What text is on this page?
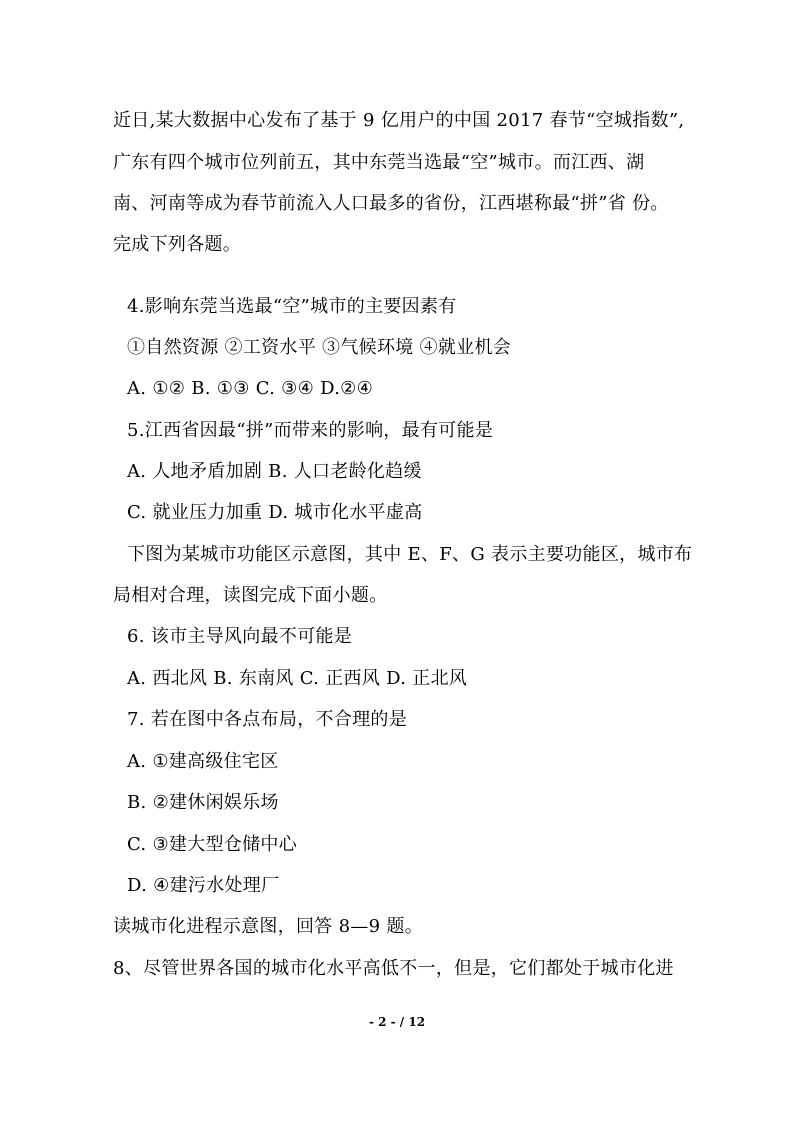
近日,某大数据中心发布了基于 9 亿用户的中国 2017 春节“空城指数”,
广东有四个城市位列前五，其中东莞当选最“空”城市。而江西、湖
南、河南等成为春节前流入人口最多的省份，江西堪称最“拼”省 份。
完成下列各题。
4.影响东莞当选最“空”城市的主要因素有
①自然资源 ②工资水平 ③气候环境 ④就业机会
A. ①② B. ①③ C. ③④ D.②④
5.江西省因最“拼”而带来的影响，最有可能是
A. 人地矛盾加剧 B. 人口老龄化趋缓
C. 就业压力加重 D. 城市化水平虚高
下图为某城市功能区示意图，其中 E、F、G 表示主要功能区，城市布
局相对合理，读图完成下面小题。
6. 该市主导风向最不可能是
A. 西北风 B. 东南风 C. 正西风 D. 正北风
7. 若在图中各点布局，不合理的是
A. ①建高级住宅区
B. ②建休闲娱乐场
C. ③建大型仓储中心
D. ④建污水处理厂
读城市化进程示意图，回答 8—9 题。
8、尽管世界各国的城市化水平高低不一，但是，它们都处于城市化进
- 2 - / 12
